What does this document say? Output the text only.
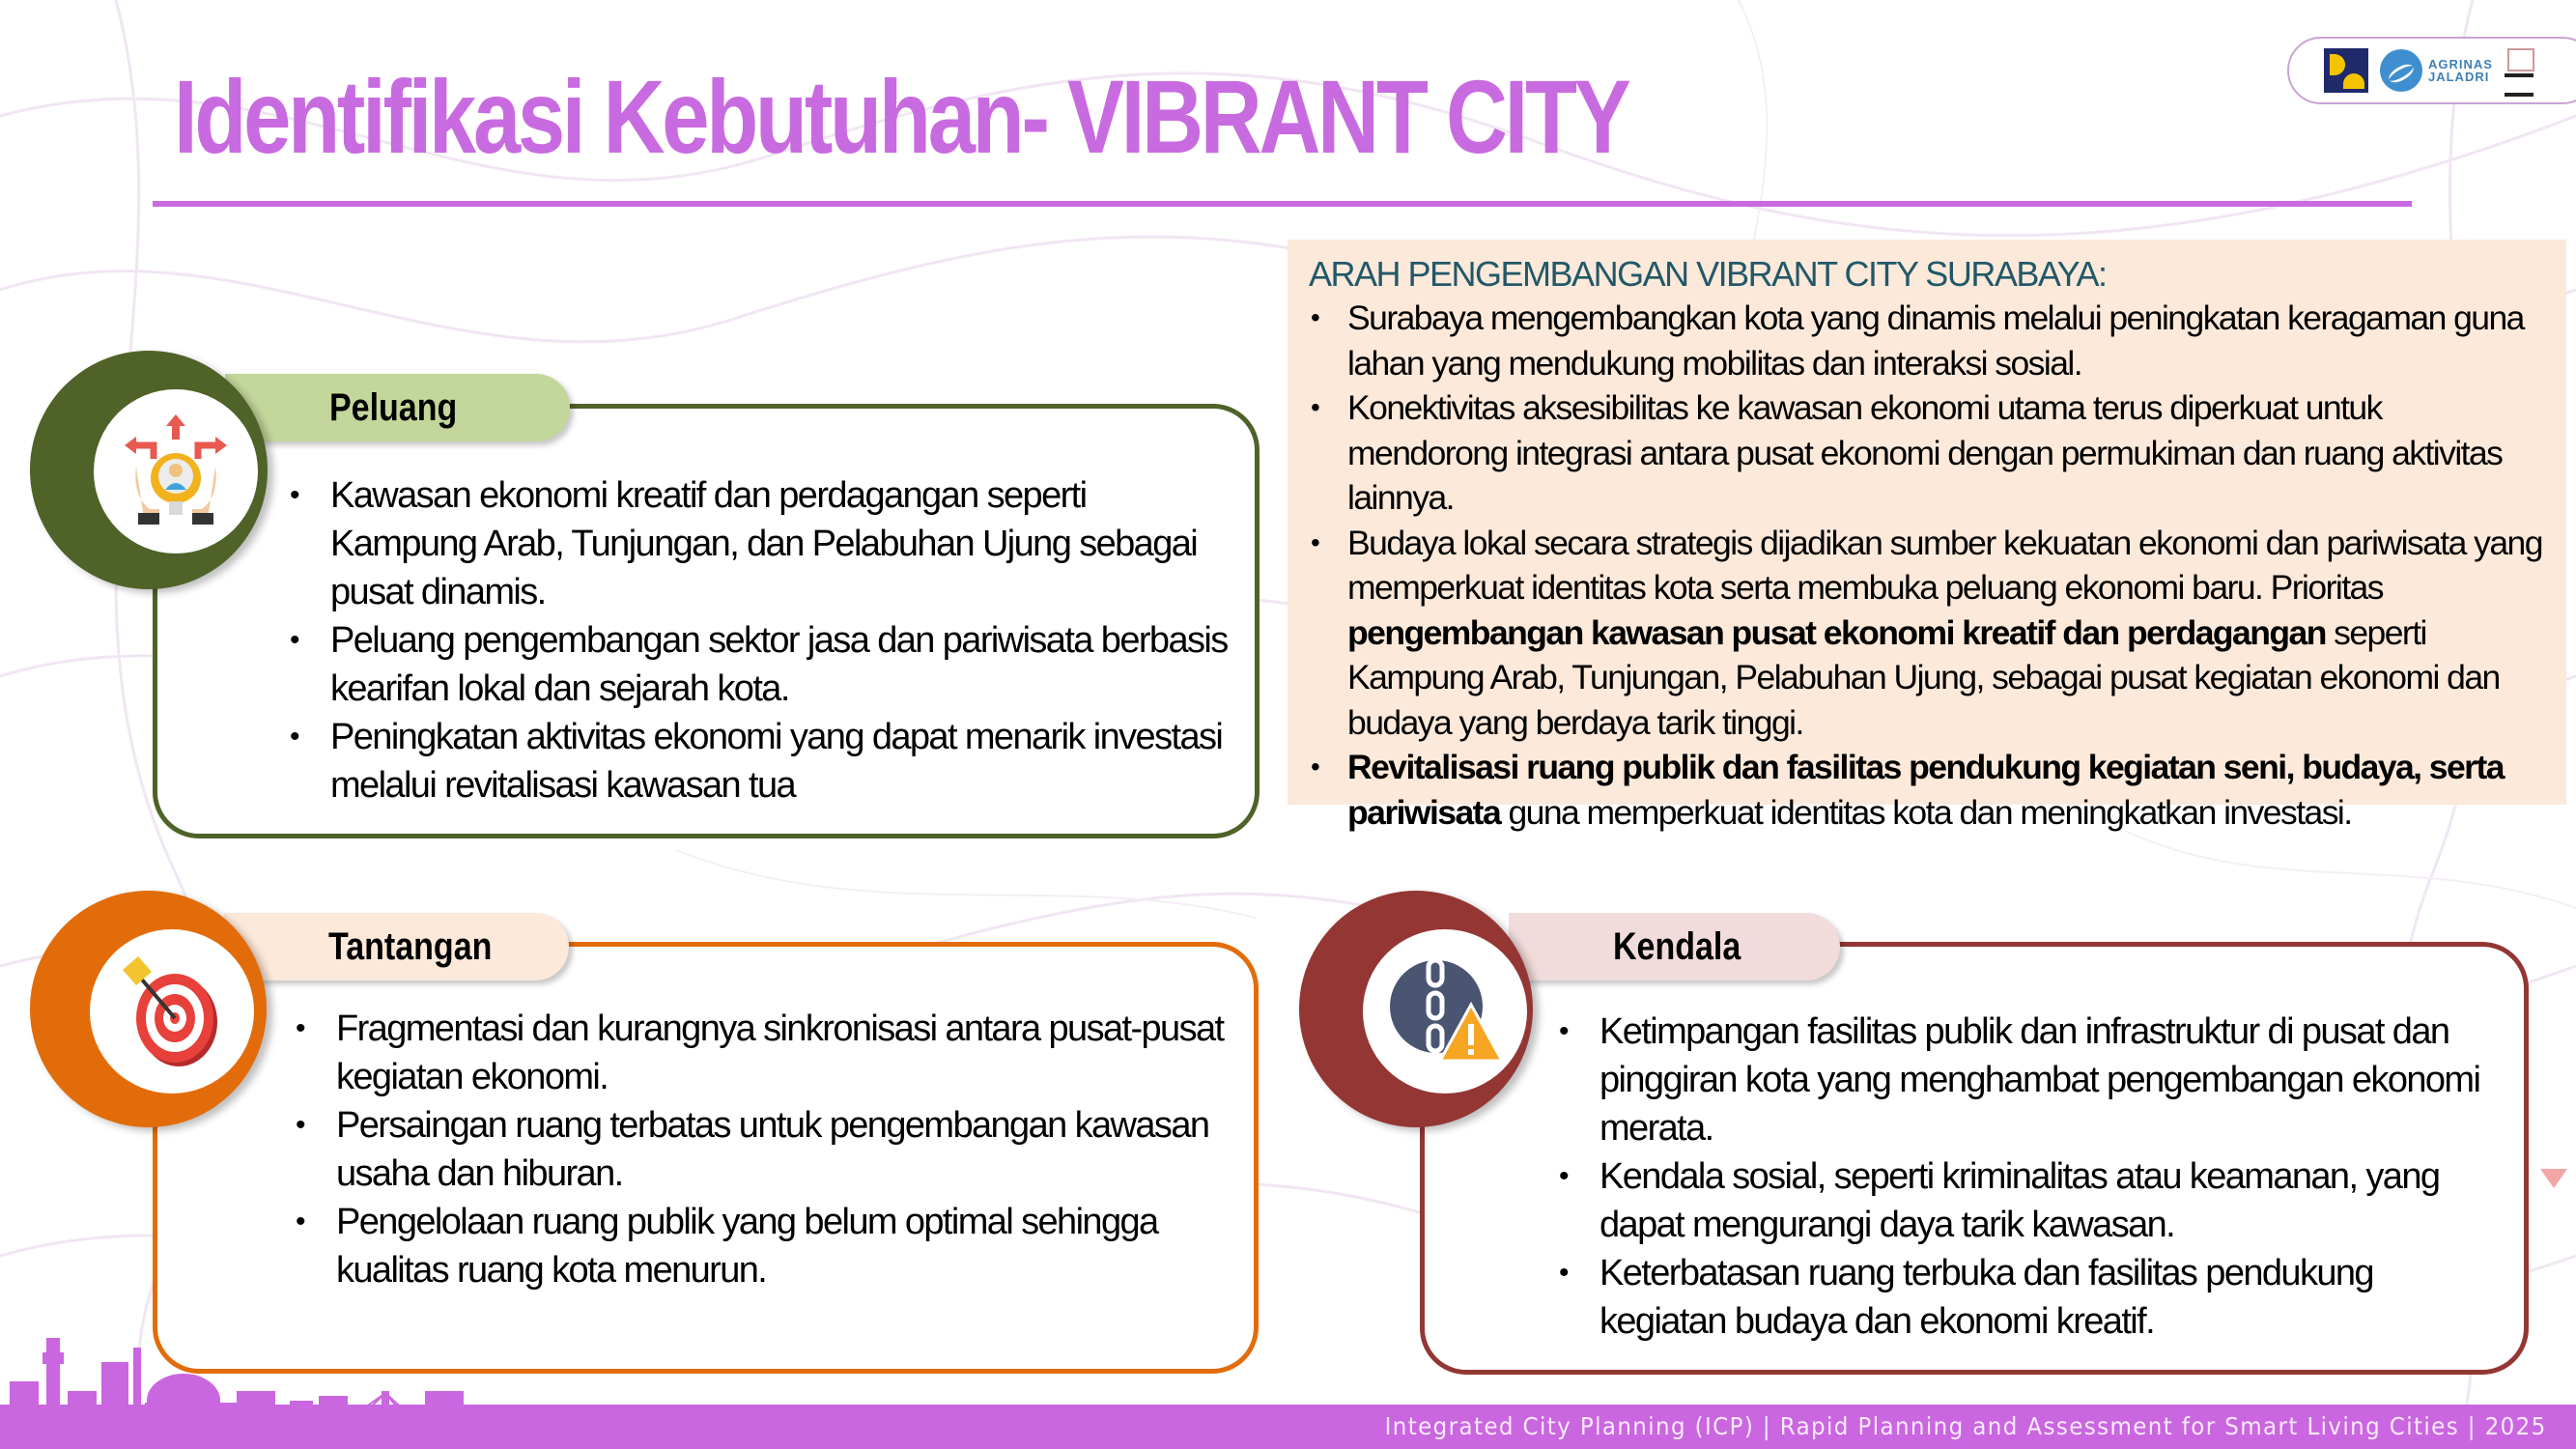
Identifikasi Kebutuhan- VIBRANT CITY	AGRINAS
JALADRI
Peluang
• Kawasan ekonomi kreatif dan perdagangan seperti Kampung Arab, Tunjungan, dan Pelabuhan Ujung sebagai pusat dinamis.
• Peluang pengembangan sektor jasa dan pariwisata berbasis kearifan lokal dan sejarah kota.
• Peningkatan aktivitas ekonomi yang dapat menarik investasi melalui revitalisasi kawasan tua
ARAH PENGEMBANGAN VIBRANT CITY SURABAYA:
• Surabaya mengembangkan kota yang dinamis melalui peningkatan keragaman guna lahan yang mendukung mobilitas dan interaksi sosial.
• Konektivitas aksesibilitas ke kawasan ekonomi utama terus diperkuat untuk mendorong integrasi antara pusat ekonomi dengan permukiman dan ruang aktivitas lainnya.
• Budaya lokal secara strategis dijadikan sumber kekuatan ekonomi dan pariwisata yang memperkuat identitas kota serta membuka peluang ekonomi baru. Prioritas pengembangan kawasan pusat ekonomi kreatif dan perdagangan seperti Kampung Arab, Tunjungan, Pelabuhan Ujung, sebagai pusat kegiatan ekonomi dan budaya yang berdaya tarik tinggi.
• Revitalisasi ruang publik dan fasilitas pendukung kegiatan seni, budaya, serta pariwisata guna memperkuat identitas kota dan meningkatkan investasi.
Tantangan
• Fragmentasi dan kurangnya sinkronisasi antara pusat-pusat kegiatan ekonomi.
• Persaingan ruang terbatas untuk pengembangan kawasan usaha dan hiburan.
• Pengelolaan ruang publik yang belum optimal sehingga kualitas ruang kota menurun.
Kendala
• Ketimpangan fasilitas publik dan infrastruktur di pusat dan pinggiran kota yang menghambat pengembangan ekonomi merata.
• Kendala sosial, seperti kriminalitas atau keamanan, yang dapat mengurangi daya tarik kawasan.
• Keterbatasan ruang terbuka dan fasilitas pendukung kegiatan budaya dan ekonomi kreatif.
Integrated City Planning (ICP) | Rapid Planning and Assessment for Smart Living Cities | 2025
